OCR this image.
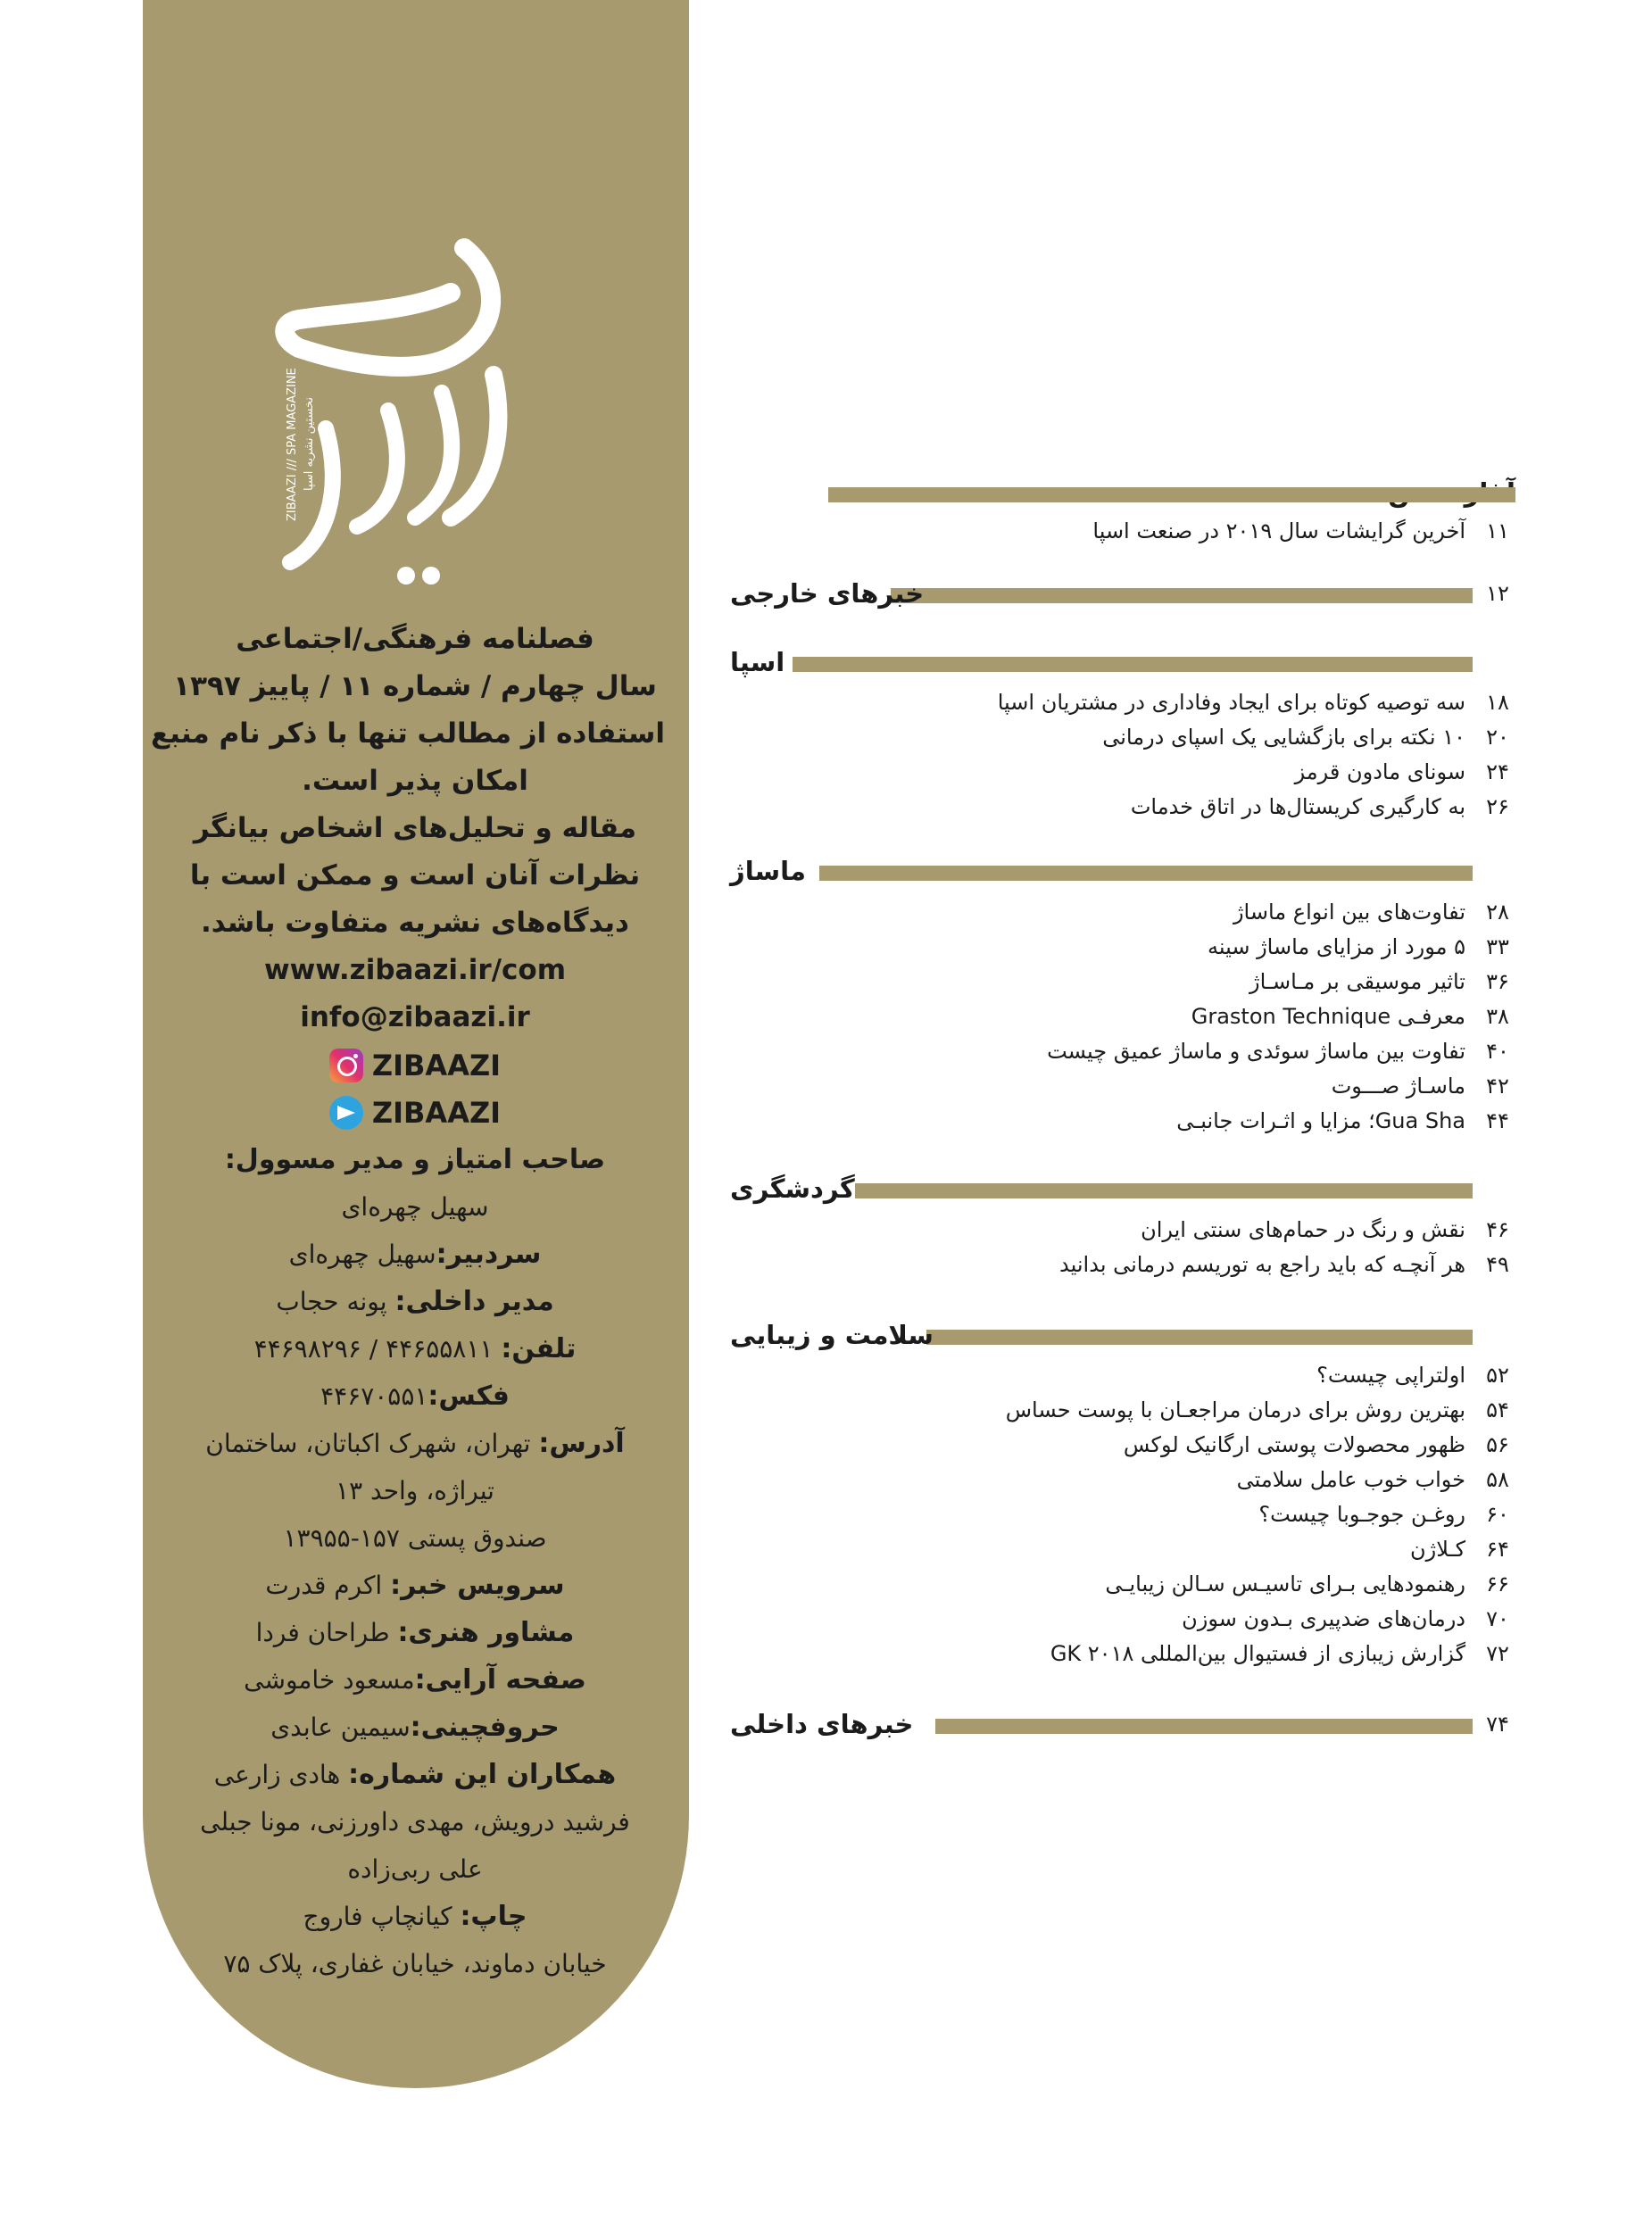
ZIBAAZI /// SPA MAGAZINE نخستین نشریه اسپا
فصلنامه فرهنگی/اجتماعی
سال چهارم / شماره ۱۱ / پاییز ۱۳۹۷
استفاده از مطالب تنها با ذکر نام منبع
امکان پذیر است.
مقاله و تحلیل‌های اشخاص بیانگر
نظرات آنان است و ممکن است با
دیدگاه‌های نشریه متفاوت باشد.
www.zibaazi.ir/com
info@zibaazi.ir
ZIBAAZI
ZIBAAZI
صاحب امتیاز و مدیر مسوول:
سهیل چهره‌ای
سردبیر:سهیل چهره‌ای
مدیر داخلی: پونه حجاب
تلفن: ۴۴۶۵۵۸۱۱ / ۴۴۶۹۸۲۹۶
فکس:۴۴۶۷۰۵۵۱
آدرس: تهران، شهرک اکباتان، ساختمان
تیراژه، واحد ۱۳
صندوق پستی ۱۵۷-۱۳۹۵۵
سرویس خبر: اکرم قدرت
مشاور هنری: طراحان فردا
صفحه آرایی:مسعود خاموشی
حروفچینی:سیمین عابدی
همکاران این شماره: هادی زارعی
فرشید درویش، مهدی داورزنی، مونا جبلی
علی ربی‌زاده
چاپ: کیانچاپ فاروج
خیابان دماوند، خیابان غفاری، پلاک ۷۵
۱۱
آخرین گرایشات سال ۲۰۱۹ در صنعت اسپا
۱۲
خبرهای خارجی
اسپا
۱۸
سه توصیه کوتاه برای ایجاد وفاداری در مشتریان اسپا
۲۰
۱۰ نکته برای بازگشایی یک اسپای درمانی
۲۴
سونای مادون قرمز
۲۶
به کارگیری کریستال‌ها در اتاق خدمات
ماساژ
۲۸
تفاوت‌های بین انواع ماساژ
۳۳
۵ مورد از مزایای ماساژ سینه
۳۶
تاثیر موسیقی بر مـاسـاژ
۳۸
معرفـی Graston Technique
۴۰
تفاوت بین ماساژ سوئدی و ماساژ عمیق چیست
۴۲
ماسـاژ صـــوت
۴۴
Gua Sha؛ مزایا و اثـرات جانبـی
گردشگری
۴۶
نقش و رنگ در حمام‌های سنتی ایران
۴۹
هر آنچـه که باید راجع به توریسم درمانی بدانید
سلامت و زیبایی
۵۲
اولتراپی چیست؟
۵۴
بهترین روش برای درمان مراجعـان با پوست حساس
۵۶
ظهور محصولات پوستی ارگانیک لوکس
۵۸
خواب خوب عامل سلامتی
۶۰
روغـن جوجـوبا چیست؟
۶۴
کـلاژن
۶۶
رهنمودهایی بـرای تاسیـس سـالن زیبایـی
۷۰
درمان‌های ضدپیری بـدون سوزن
۷۲
گزارش زیبازی از فستیوال بین‌المللی GK ۲۰۱۸
۷۴
خبرهای داخلی
